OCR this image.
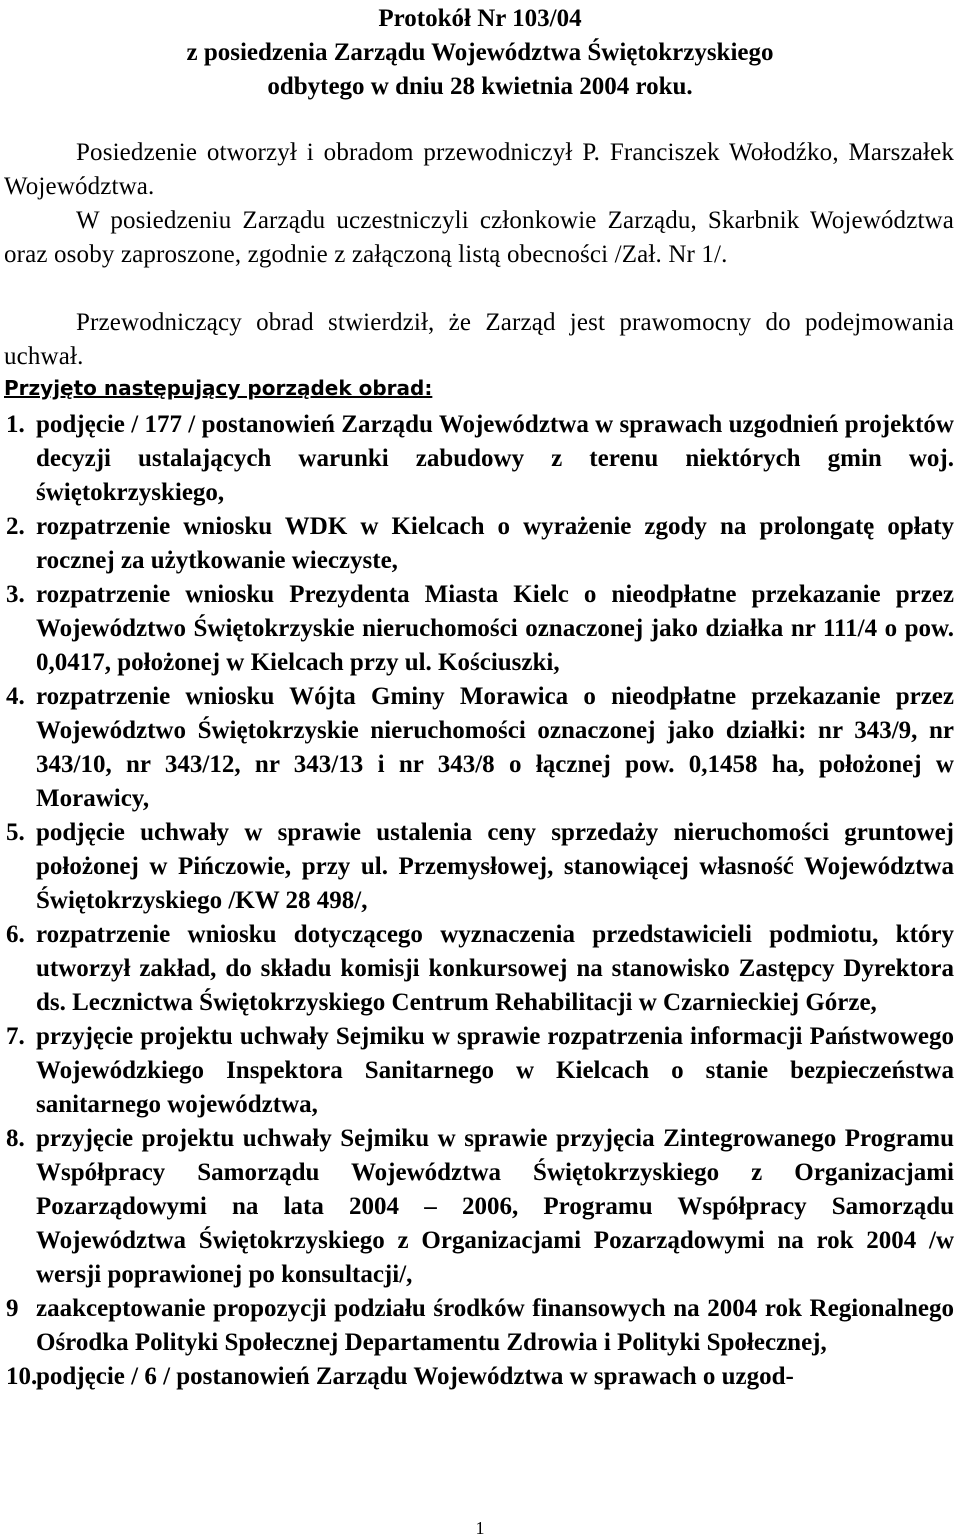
Protokół Nr 103/04
z posiedzenia Zarządu Województwa Świętokrzyskiego
odbytego w dniu 28 kwietnia 2004 roku.
Posiedzenie otworzył i obradom przewodniczył P. Franciszek Wołodźko, Marszałek Województwa.
W posiedzeniu Zarządu uczestniczyli członkowie Zarządu, Skarbnik Województwa oraz osoby zaproszone, zgodnie z załączoną listą obecności /Zał. Nr 1/.
Przewodniczący obrad stwierdził, że Zarząd jest prawomocny do podejmowania uchwał.
Przyjęto następujący porządek obrad:
1. podjęcie / 177 / postanowień Zarządu Województwa w sprawach uzgodnień projektów decyzji ustalających warunki zabudowy z terenu niektórych gmin woj. świętokrzyskiego,
2. rozpatrzenie wniosku WDK w Kielcach o wyrażenie zgody na prolongatę opłaty rocznej za użytkowanie wieczyste,
3. rozpatrzenie wniosku Prezydenta Miasta Kielc o nieodpłatne przekazanie przez Województwo Świętokrzyskie nieruchomości oznaczonej jako działka nr 111/4 o pow. 0,0417, położonej w Kielcach przy ul. Kościuszki,
4. rozpatrzenie wniosku Wójta Gminy Morawica o nieodpłatne przekazanie przez Województwo Świętokrzyskie nieruchomości oznaczonej jako działki: nr 343/9, nr 343/10, nr 343/12, nr 343/13 i nr 343/8 o łącznej pow. 0,1458 ha, położonej w Morawicy,
5. podjęcie uchwały w sprawie ustalenia ceny sprzedaży nieruchomości gruntowej położonej w Pińczowie, przy ul. Przemysłowej, stanowiącej własność Województwa Świętokrzyskiego /KW 28 498/,
6. rozpatrzenie wniosku dotyczącego wyznaczenia przedstawicieli podmiotu, który utworzył zakład, do składu komisji konkursowej na stanowisko Zastępcy Dyrektora ds. Lecznictwa Świętokrzyskiego Centrum Rehabilitacji w Czarnieckiej Górze,
7. przyjęcie projektu uchwały Sejmiku w sprawie rozpatrzenia informacji Państwowego Wojewódzkiego Inspektora Sanitarnego w Kielcach o stanie bezpieczeństwa sanitarnego województwa,
8. przyjęcie projektu uchwały Sejmiku w sprawie przyjęcia Zintegrowanego Programu Współpracy Samorządu Województwa Świętokrzyskiego z Organizacjami Pozarządowymi na lata 2004 – 2006, Programu Współpracy Samorządu Województwa Świętokrzyskiego z Organizacjami Pozarządowymi na rok 2004 /w wersji poprawionej po konsultacji/,
9 zaakceptowanie propozycji podziału środków finansowych na 2004 rok Regionalnego Ośrodka Polityki Społecznej Departamentu Zdrowia i Polityki Społecznej,
10.
podjęcie / 6 / postanowień Zarządu Województwa w sprawach o uzgod-
1
